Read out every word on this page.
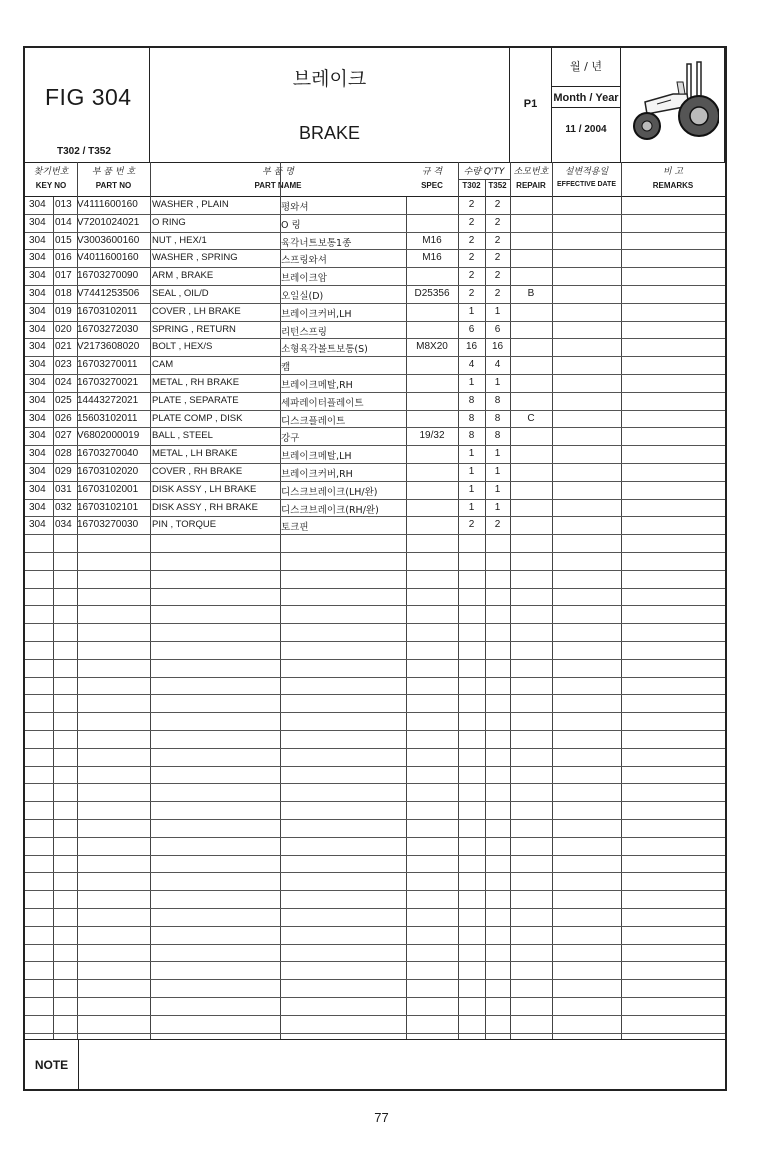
FIG 304
T302 / T352
브레이크
BRAKE
P1
월 / 년
Month / Year
11 / 2004
찾기번호
KEY NO
부 품 번 호
PART NO
부 품 명
PART NAME
규 격
SPEC
수량 Q'TY
T302 T352
소모번호
REPAIR
설변적용일
EFFECTIVE DATE
비 고
REMARKS
304 013 V4111600160 WASHER , PLAIN	평와셔	2	2
304 014 V7201024021 O RING	O 링	2	2
304 015 V3003600160 NUT , HEX/1	육각너트보통1종	M16	2	2
304 016 V4011600160 WASHER , SPRING	스프링와셔	M16	2	2
304 017 16703270090 ARM , BRAKE	브레이크암	2	2
304 018 V7441253506 SEAL , OIL/D	오일실(D)	D25356	2	2	B
304 019 16703102011 COVER , LH BRAKE	브레이크커버,LH	1	1
304 020 16703272030 SPRING , RETURN	리턴스프링	6	6
304 021 V2173608020 BOLT , HEX/S	소형육각볼트보통(S)	M8X20	16	16
304 023 16703270011 CAM	캠	4	4
304 024 16703270021 METAL , RH BRAKE	브레이크메탈,RH	1	1
304 025 14443272021 PLATE , SEPARATE	세파레이터플레이트	8	8
304 026 15603102011 PLATE COMP , DISK	디스크플레이트	8	8	C
304 027 V6802000019 BALL , STEEL	강구	19/32	8	8
304 028 16703270040 METAL , LH BRAKE	브레이크메탈,LH	1	1
304 029 16703102020 COVER , RH BRAKE	브레이크커버,RH	1	1
304 031 16703102001 DISK ASSY , LH BRAKE	디스크브레이크(LH/완)	1	1
304 032 16703102101 DISK ASSY , RH BRAKE 디스크브레이크(RH/완)	1	1
304 034 16703270030 PIN , TORQUE	토크핀	2	2
NOTE
77
